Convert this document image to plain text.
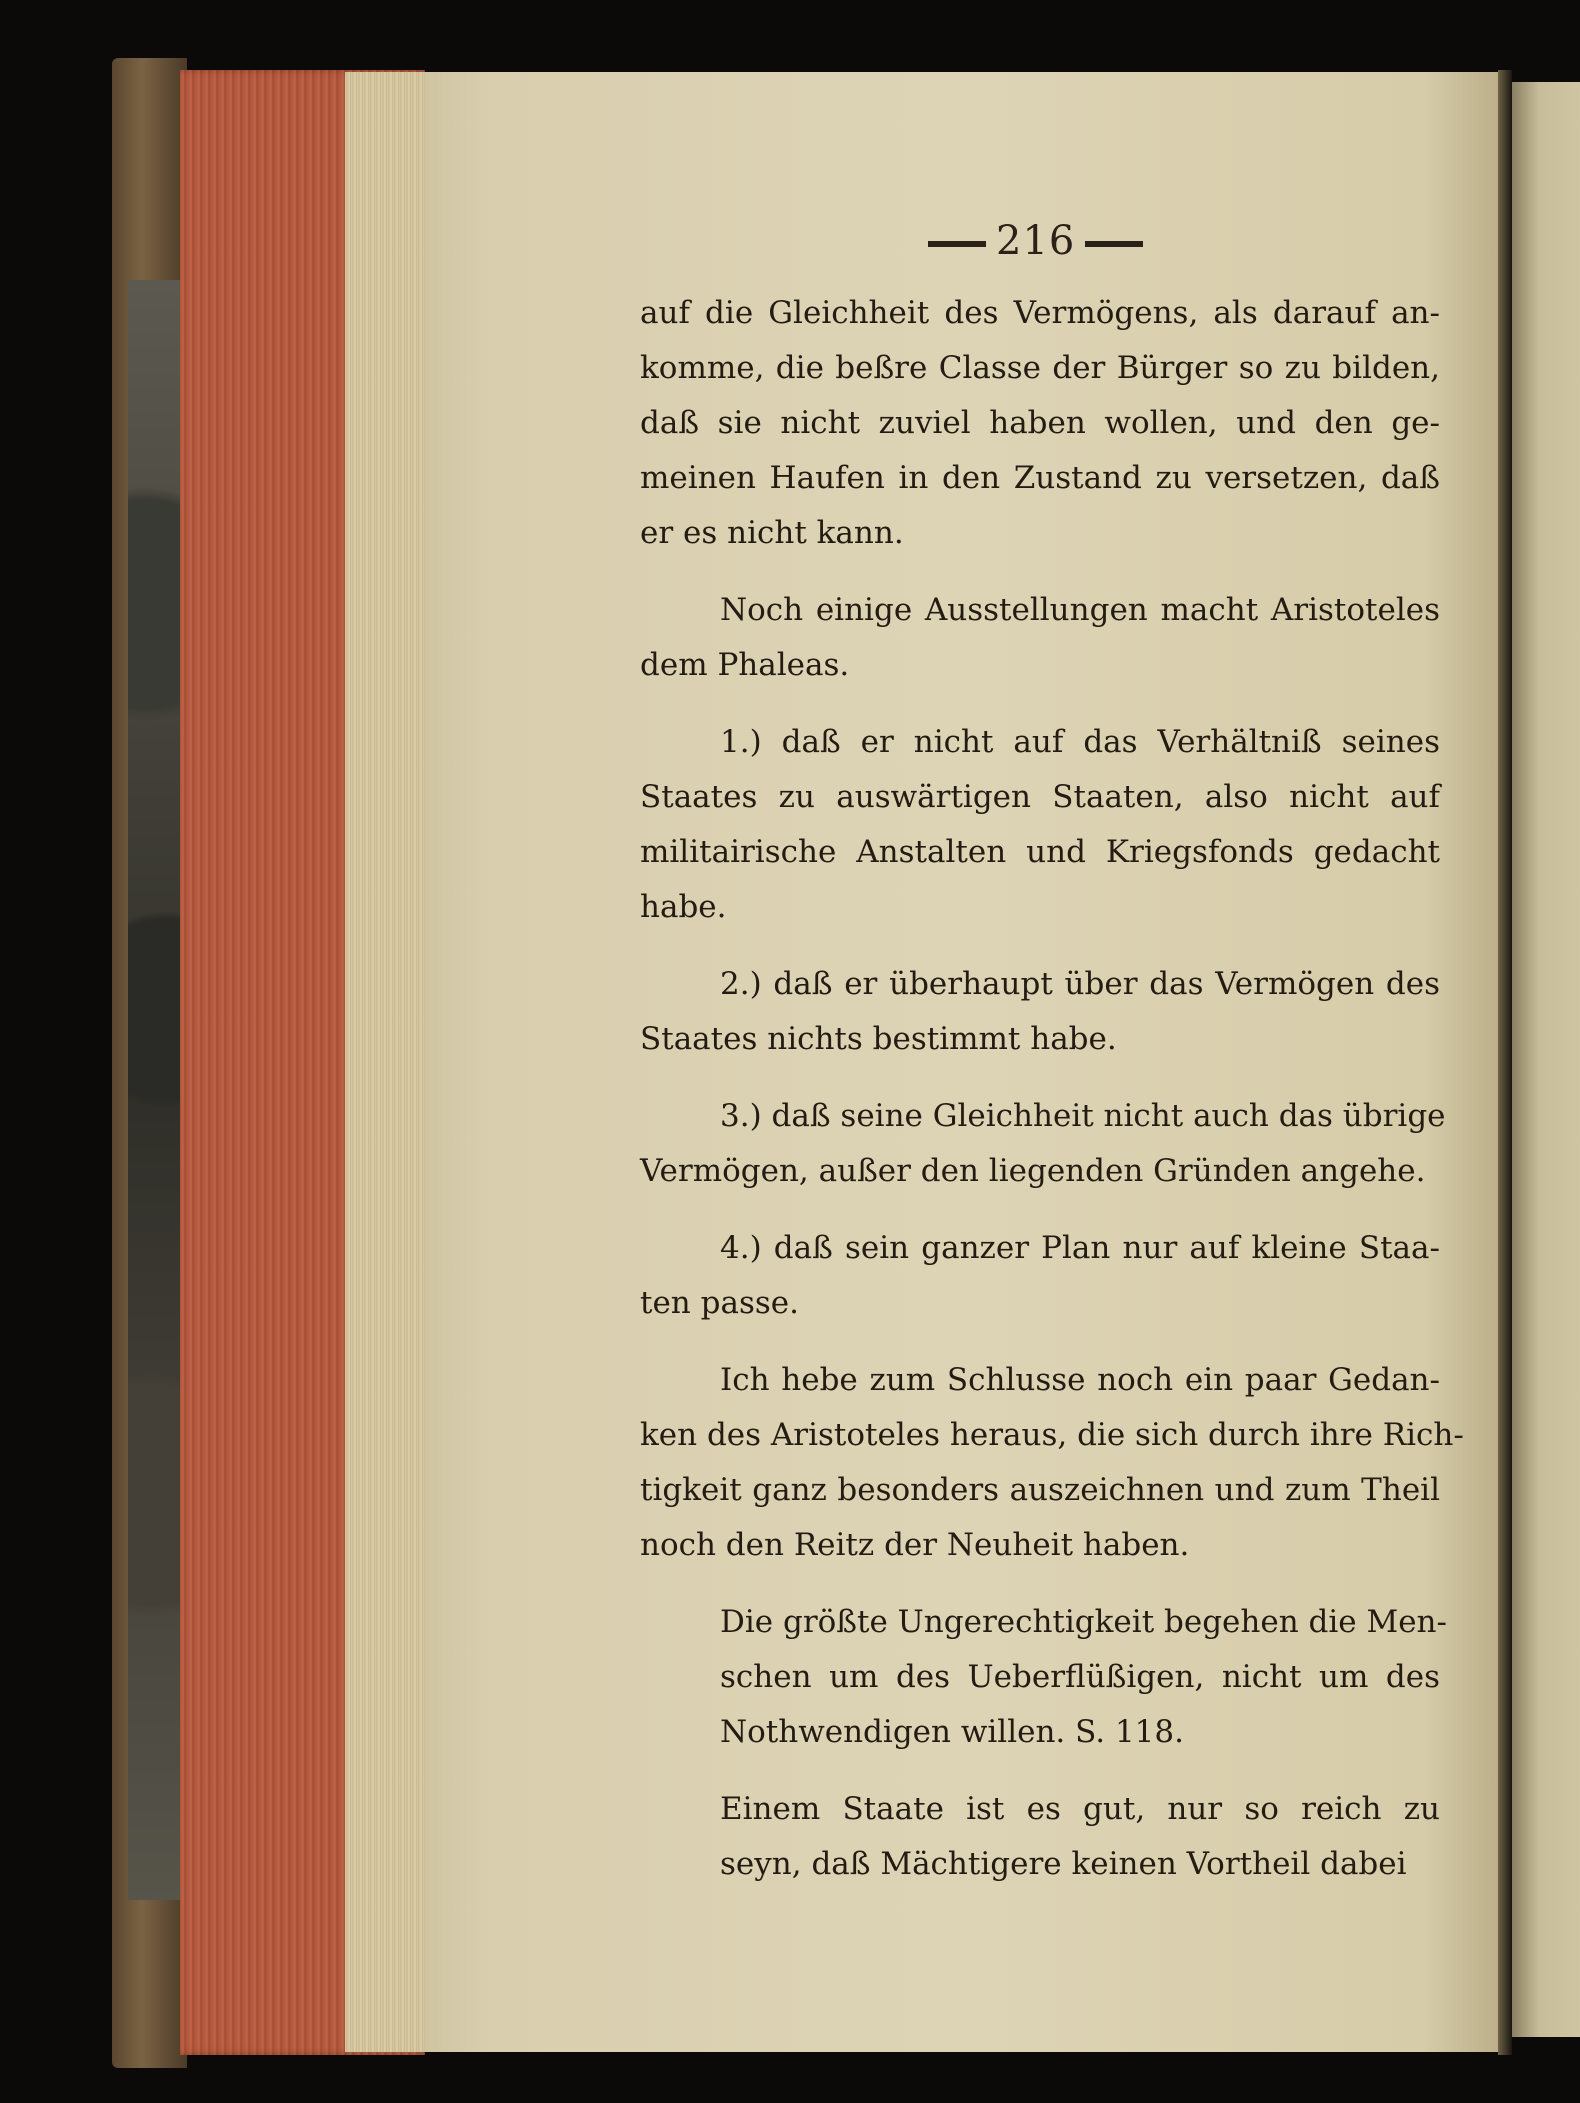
216
auf die Gleichheit des Vermögens, als darauf an-
komme, die beßre Classe der Bürger so zu bilden,
daß sie nicht zuviel haben wollen, und den ge-
meinen Haufen in den Zustand zu versetzen, daß
er es nicht kann.
Noch einige Ausstellungen macht Aristoteles
dem Phaleas.
1.) daß er nicht auf das Verhältniß seines
Staates zu auswärtigen Staaten, also nicht auf
militairische Anstalten und Kriegsfonds gedacht
habe.
2.) daß er überhaupt über das Vermögen des
Staates nichts bestimmt habe.
3.) daß seine Gleichheit nicht auch das übrige
Vermögen, außer den liegenden Gründen angehe.
4.) daß sein ganzer Plan nur auf kleine Staa-
ten passe.
Ich hebe zum Schlusse noch ein paar Gedan-
ken des Aristoteles heraus, die sich durch ihre Rich-
tigkeit ganz besonders auszeichnen und zum Theil
noch den Reitz der Neuheit haben.
Die größte Ungerechtigkeit begehen die Men-
schen um des Ueberflüßigen, nicht um des
Nothwendigen willen. S. 118.
Einem Staate ist es gut, nur so reich zu
seyn, daß Mächtigere keinen Vortheil dabei
